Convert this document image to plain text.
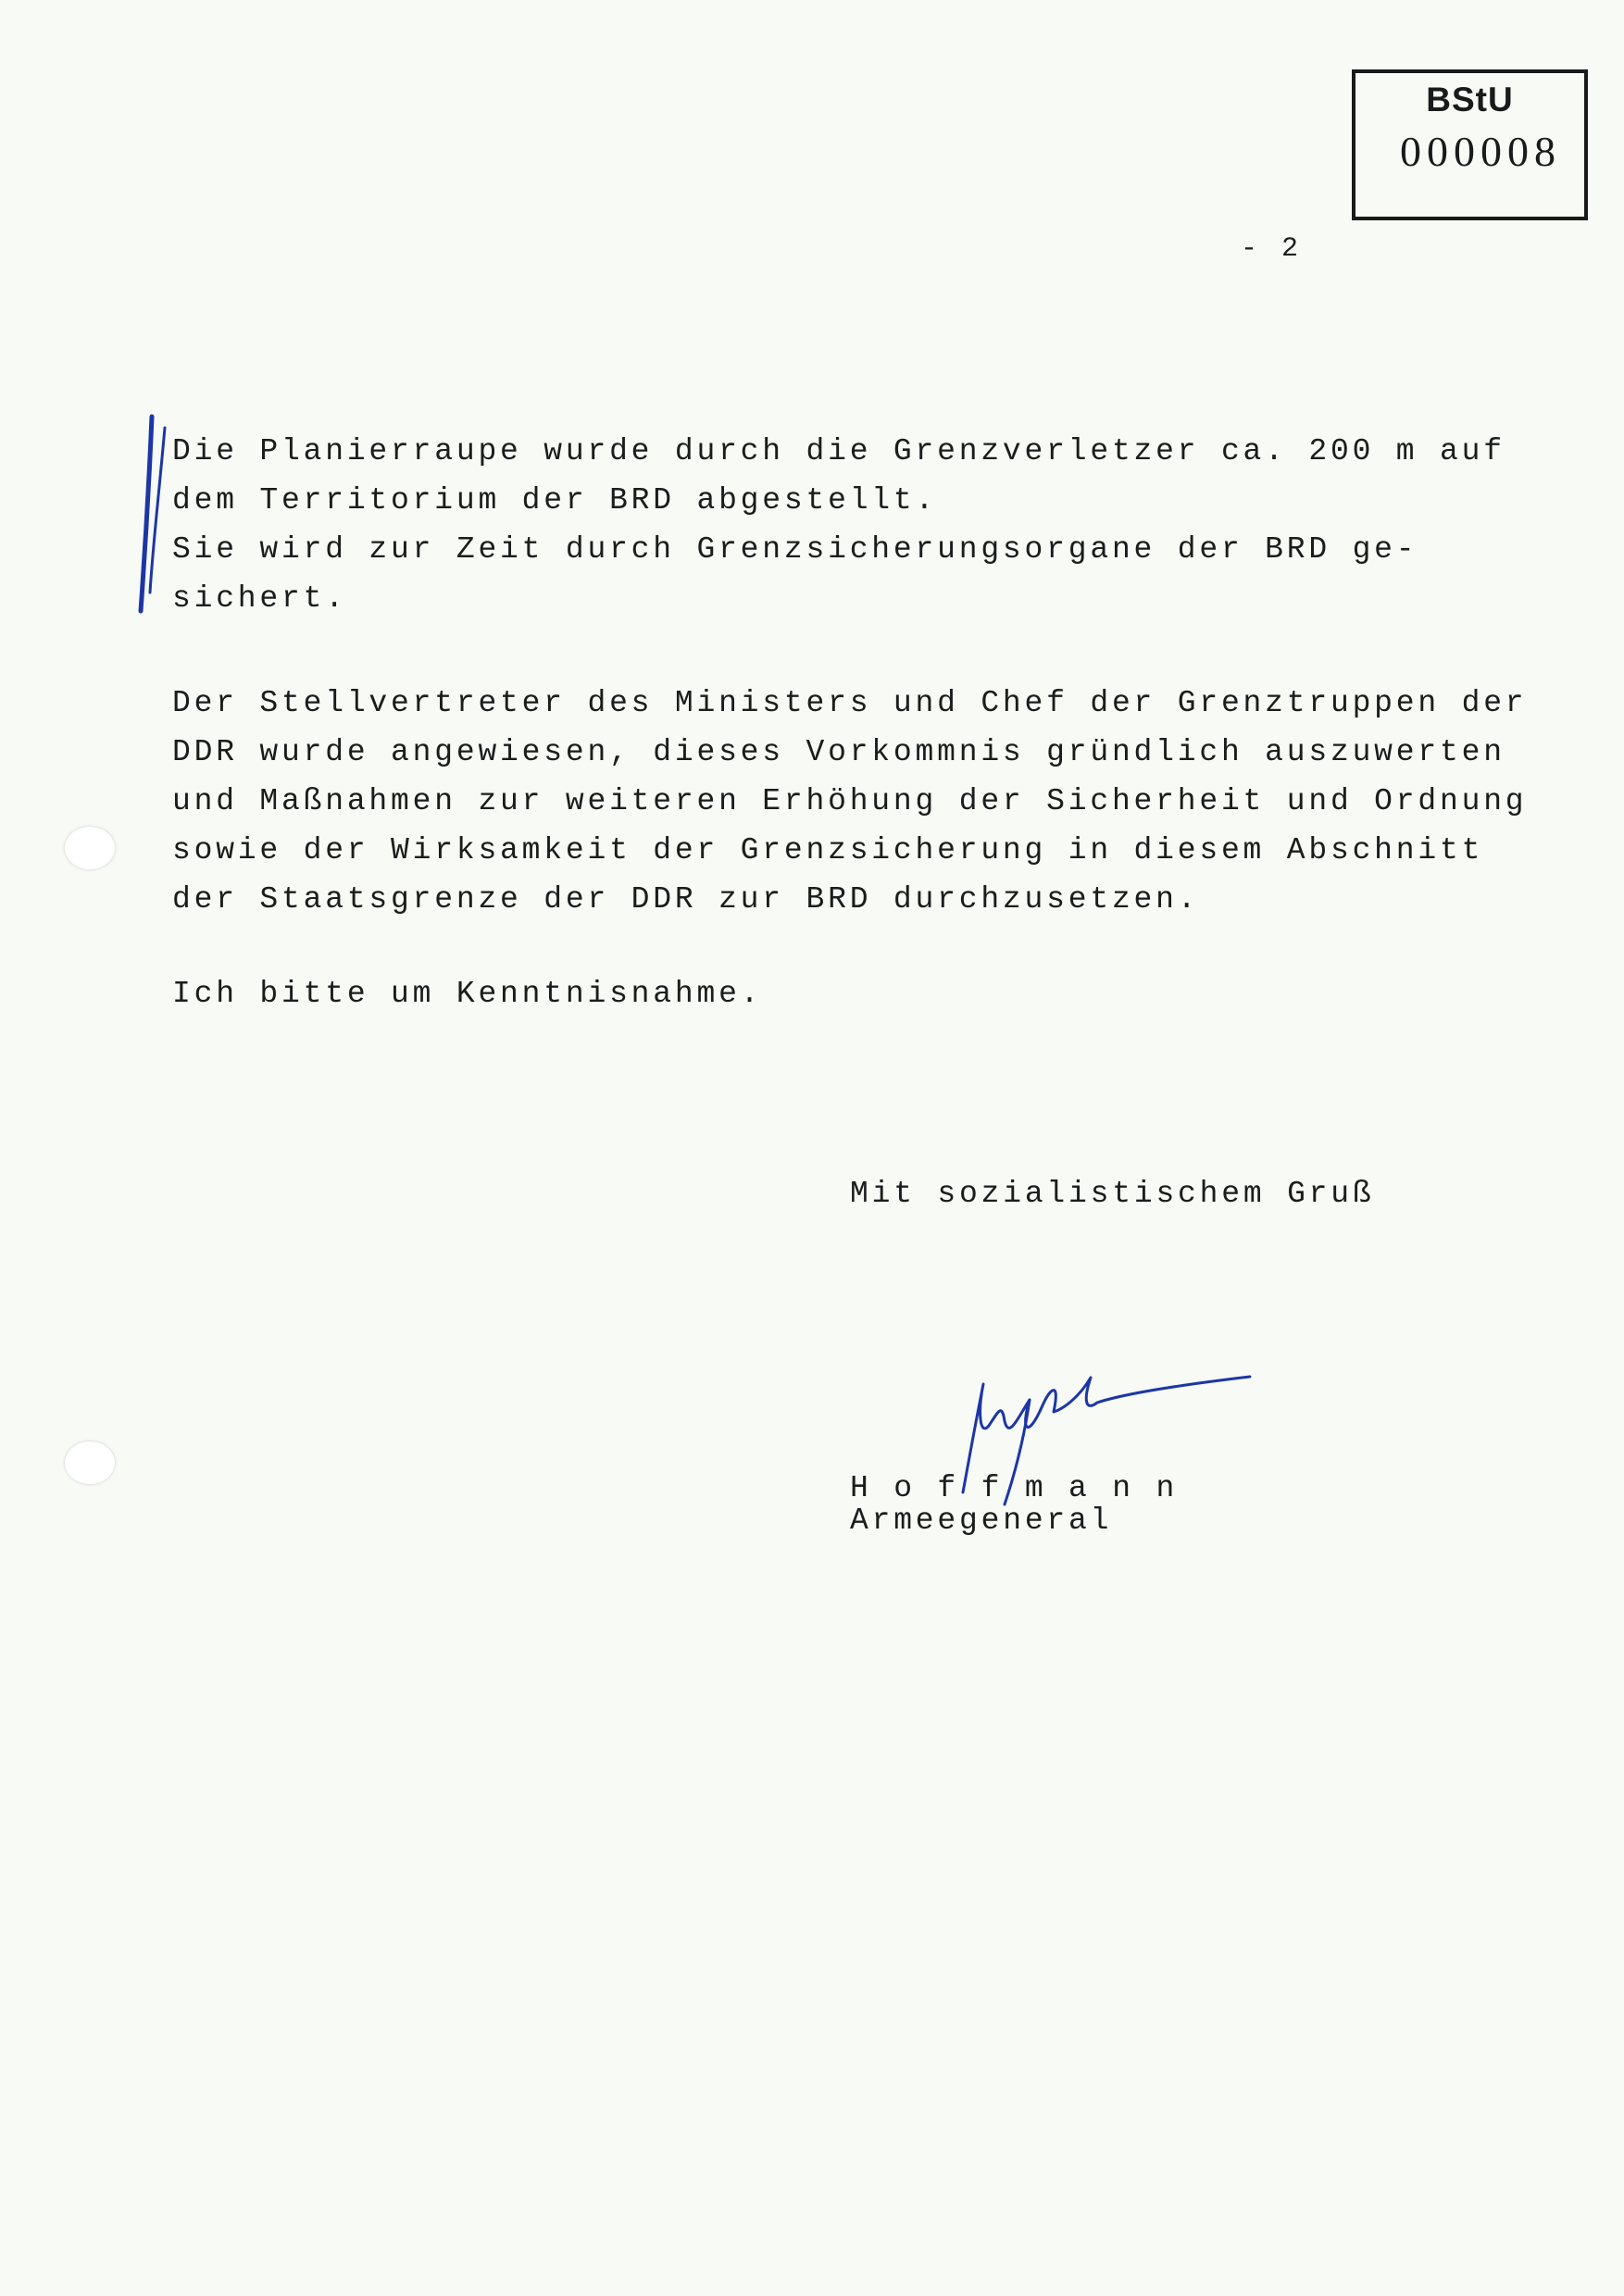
BStU
000008
- 2
Die Planierraupe wurde durch die Grenzverletzer ca. 200 m auf
dem Territorium der BRD abgestellt.
Sie wird zur Zeit durch Grenzsicherungsorgane der BRD ge-
sichert.
Der Stellvertreter des Ministers und Chef der Grenztruppen der
DDR wurde angewiesen, dieses Vorkommnis gründlich auszuwerten
und Maßnahmen zur weiteren Erhöhung der Sicherheit und Ordnung
sowie der Wirksamkeit der Grenzsicherung in diesem Abschnitt
der Staatsgrenze der DDR zur BRD durchzusetzen.
Ich bitte um Kenntnisnahme.
Mit sozialistischem Gruß
H o f f m a n n
Armeegeneral
